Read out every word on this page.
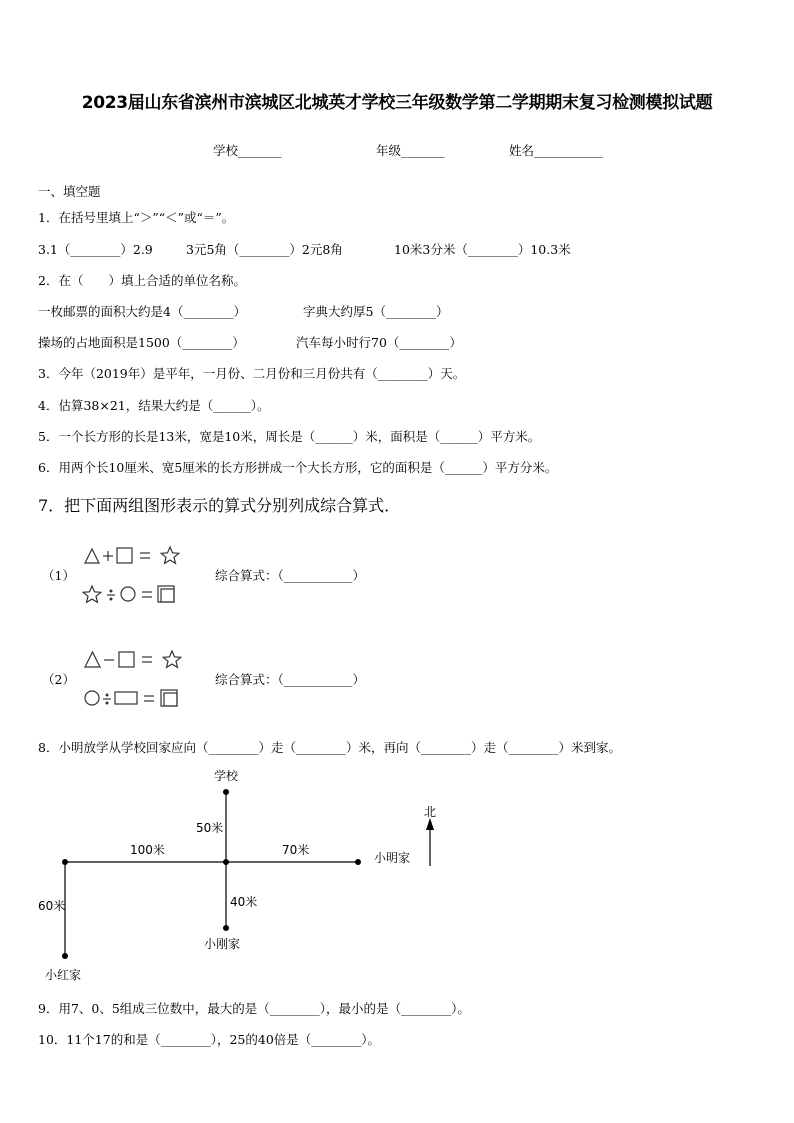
2023届山东省滨州市滨城区北城英才学校三年级数学第二学期期末复习检测模拟试题
学校_______	年级_______	姓名___________
一、填空题
1．在括号里填上“＞”“＜”或“＝”。
3.1（________）2.9	3元5角（________）2元8角	10米3分米（________）10.3米
2．在（　　）填上合适的单位名称。
一枚邮票的面积大约是4（________）	字典大约厚5（________）
操场的占地面积是1500（________）	汽车每小时行70（________）
3．今年（2019年）是平年，一月份、二月份和三月份共有（________）天。
4．估算38×21，结果大约是（______）。
5．一个长方形的长是13米，宽是10米，周长是（______）米，面积是（______）平方米。
6．用两个长10厘米、宽5厘米的长方形拼成一个大长方形，它的面积是（______）平方分米。
7．把下面两组图形表示的算式分别列成综合算式．
（1）	综合算式：（___________）
（2）	综合算式：（___________）
8．小明放学从学校回家应向（________）走（________）米，再向（________）走（________）米到家。
学校
小明家
小刚家
小红家
北
50米
100米	70米
40米
60米
9．用7、0、5组成三位数中，最大的是（________），最小的是（________）。
10．11个17的和是（________），25的40倍是（________）。
